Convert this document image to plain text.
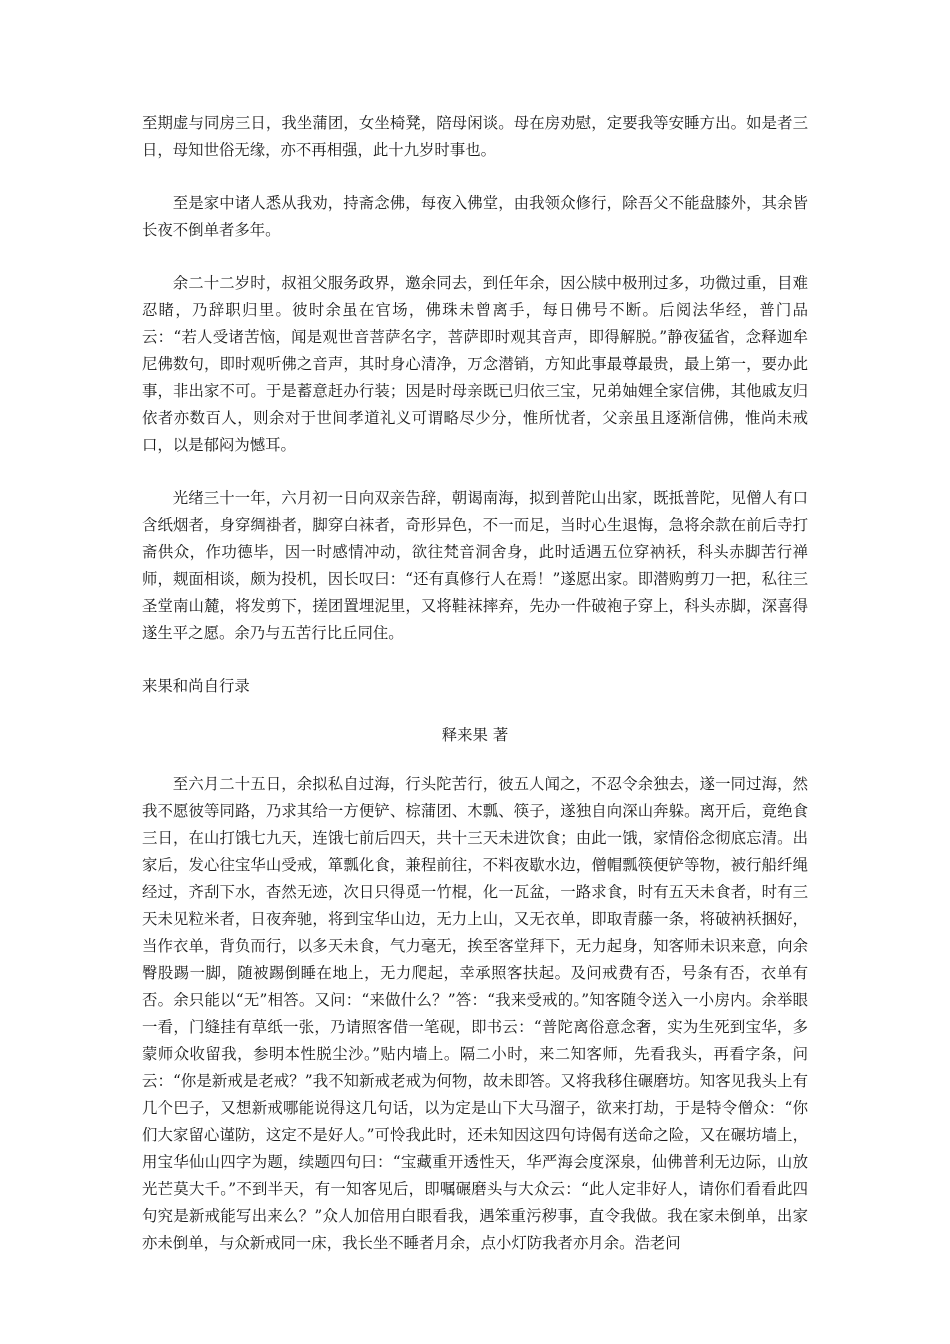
至期虚与同房三日，我坐蒲团，女坐椅凳，陪母闲谈。母在房劝慰，定要我等安睡方出。如是者三日，母知世俗无缘，亦不再相强，此十九岁时事也。

至是家中诸人悉从我劝，持斋念佛，每夜入佛堂，由我领众修行，除吾父不能盘膝外，其余皆长夜不倒单者多年。

余二十二岁时，叔祖父服务政界，邀余同去，到任年余，因公牍中极刑过多，功微过重，目难忍睹，乃辞职归里。彼时余虽在官场，佛珠未曾离手，每日佛号不断。后阅法华经，普门品云：“若人受诸苦恼，闻是观世音菩萨名字，菩萨即时观其音声，即得解脱。”静夜猛省，念释迦牟尼佛数句，即时观听佛之音声，其时身心清净，万念潜销，方知此事最尊最贵，最上第一，要办此事，非出家不可。于是蓄意赶办行装；因是时母亲既已归依三宝，兄弟妯娌全家信佛，其他戚友归依者亦数百人，则余对于世间孝道礼义可谓略尽少分，惟所忧者，父亲虽且逐渐信佛，惟尚未戒口，以是郁闷为憾耳。

光绪三十一年，六月初一日向双亲告辞，朝谒南海，拟到普陀山出家，既抵普陀，见僧人有口含纸烟者，身穿绸褂者，脚穿白袜者，奇形异色，不一而足，当时心生退悔，急将余款在前后寺打斋供众，作功德毕，因一时感情冲动，欲往梵音洞舍身，此时适遇五位穿衲袄，科头赤脚苦行禅师，觌面相谈，颇为投机，因长叹曰：“还有真修行人在焉！”遂愿出家。即潜购剪刀一把，私往三圣堂南山麓，将发剪下，搓团置埋泥里，又将鞋袜摔弃，先办一件破袍子穿上，科头赤脚，深喜得遂生平之愿。余乃与五苦行比丘同住。

来果和尚自行录

释来果 著

至六月二十五日，余拟私自过海，行头陀苦行，彼五人闻之，不忍令余独去，遂一同过海，然我不愿彼等同路，乃求其给一方便铲、棕蒲团、木瓢、筷子，遂独自向深山奔躲。离开后，竟绝食三日，在山打饿七九天，连饿七前后四天，共十三天未进饮食；由此一饿，家情俗念彻底忘清。出家后，发心往宝华山受戒，箪瓢化食，兼程前往，不料夜歇水边，僧帽瓢筷便铲等物，被行船纤绳经过，齐刮下水，杳然无迹，次日只得觅一竹棍，化一瓦盆，一路求食，时有五天未食者，时有三天未见粒米者，日夜奔驰，将到宝华山边，无力上山，又无衣单，即取青藤一条，将破衲袄捆好，当作衣单，背负而行，以多天未食，气力毫无，挨至客堂拜下，无力起身，知客师未识来意，向余臀股踢一脚，随被踢倒睡在地上，无力爬起，幸承照客扶起。及问戒费有否，号条有否，衣单有否。余只能以“无”相答。又问：“来做什么？”答：“我来受戒的。”知客随令送入一小房内。余举眼一看，门缝挂有草纸一张，乃请照客借一笔砚，即书云：“普陀离俗意念奢，实为生死到宝华，多蒙师众收留我，参明本性脱尘沙。”贴内墙上。隔二小时，来二知客师，先看我头，再看字条，问云：“你是新戒是老戒？”我不知新戒老戒为何物，故未即答。又将我移住碾磨坊。知客见我头上有几个巴子，又想新戒哪能说得这几句话，以为定是山下大马溜子，欲来打劫，于是特令僧众：“你们大家留心谨防，这定不是好人。”可怜我此时，还未知因这四句诗偈有送命之险，又在碾坊墙上，用宝华仙山四字为题，续题四句曰：“宝藏重开透性天，华严海会度深泉，仙佛普利无边际，山放光芒莫大千。”不到半天，有一知客见后，即嘱碾磨头与大众云：“此人定非好人，请你们看看此四句究是新戒能写出来么？”众人加倍用白眼看我，遇笨重污秽事，直令我做。我在家未倒单，出家亦未倒单，与众新戒同一床，我长坐不睡者月余，点小灯防我者亦月余。浩老问
